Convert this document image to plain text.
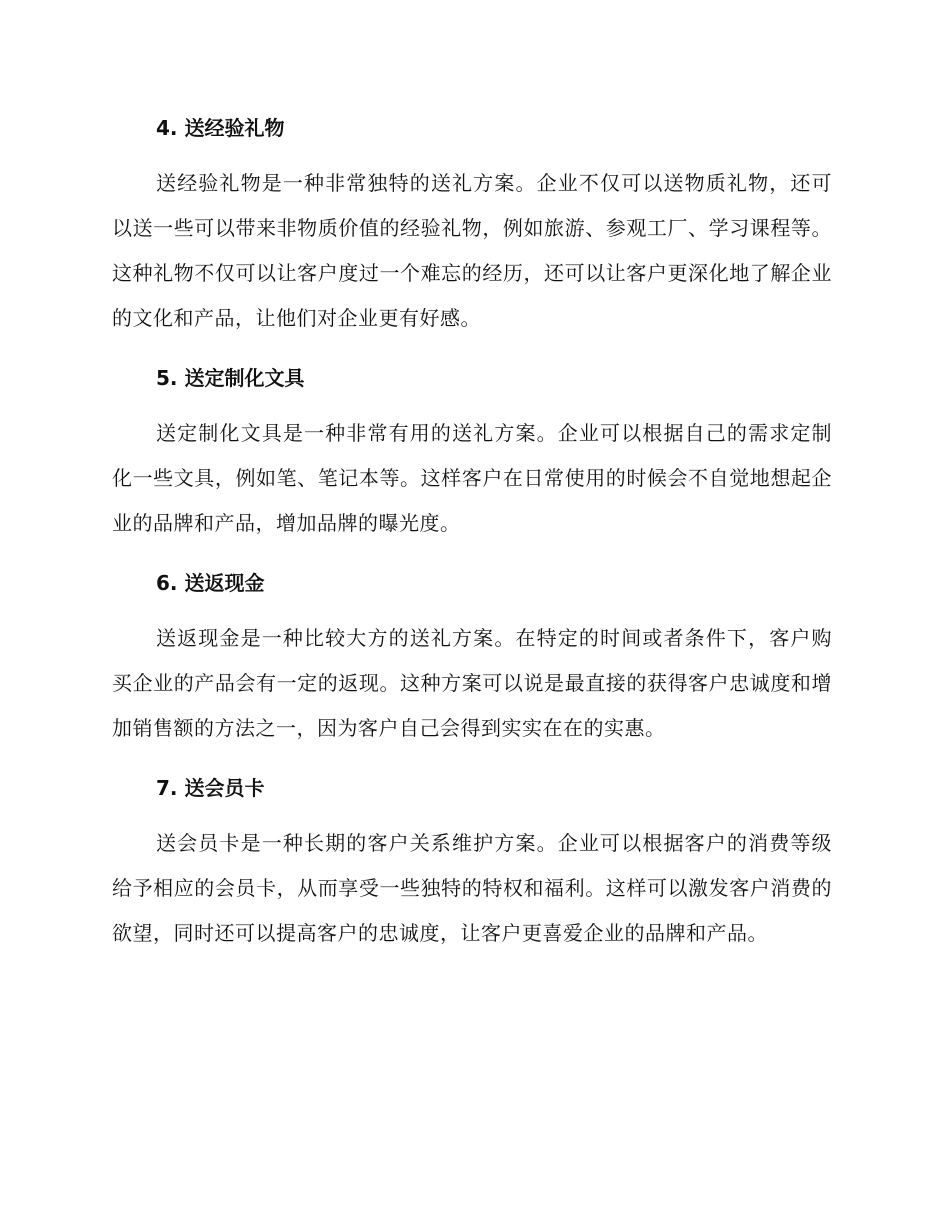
4. 送经验礼物

送经验礼物是一种非常独特的送礼方案。企业不仅可以送物质礼物，还可以送一些可以带来非物质价值的经验礼物，例如旅游、参观工厂、学习课程等。这种礼物不仅可以让客户度过一个难忘的经历，还可以让客户更深化地了解企业的文化和产品，让他们对企业更有好感。

5. 送定制化文具

送定制化文具是一种非常有用的送礼方案。企业可以根据自己的需求定制化一些文具，例如笔、笔记本等。这样客户在日常使用的时候会不自觉地想起企业的品牌和产品，增加品牌的曝光度。

6. 送返现金

送返现金是一种比较大方的送礼方案。在特定的时间或者条件下，客户购买企业的产品会有一定的返现。这种方案可以说是最直接的获得客户忠诚度和增加销售额的方法之一，因为客户自己会得到实实在在的实惠。

7. 送会员卡

送会员卡是一种长期的客户关系维护方案。企业可以根据客户的消费等级给予相应的会员卡，从而享受一些独特的特权和福利。这样可以激发客户消费的欲望，同时还可以提高客户的忠诚度，让客户更喜爱企业的品牌和产品。
